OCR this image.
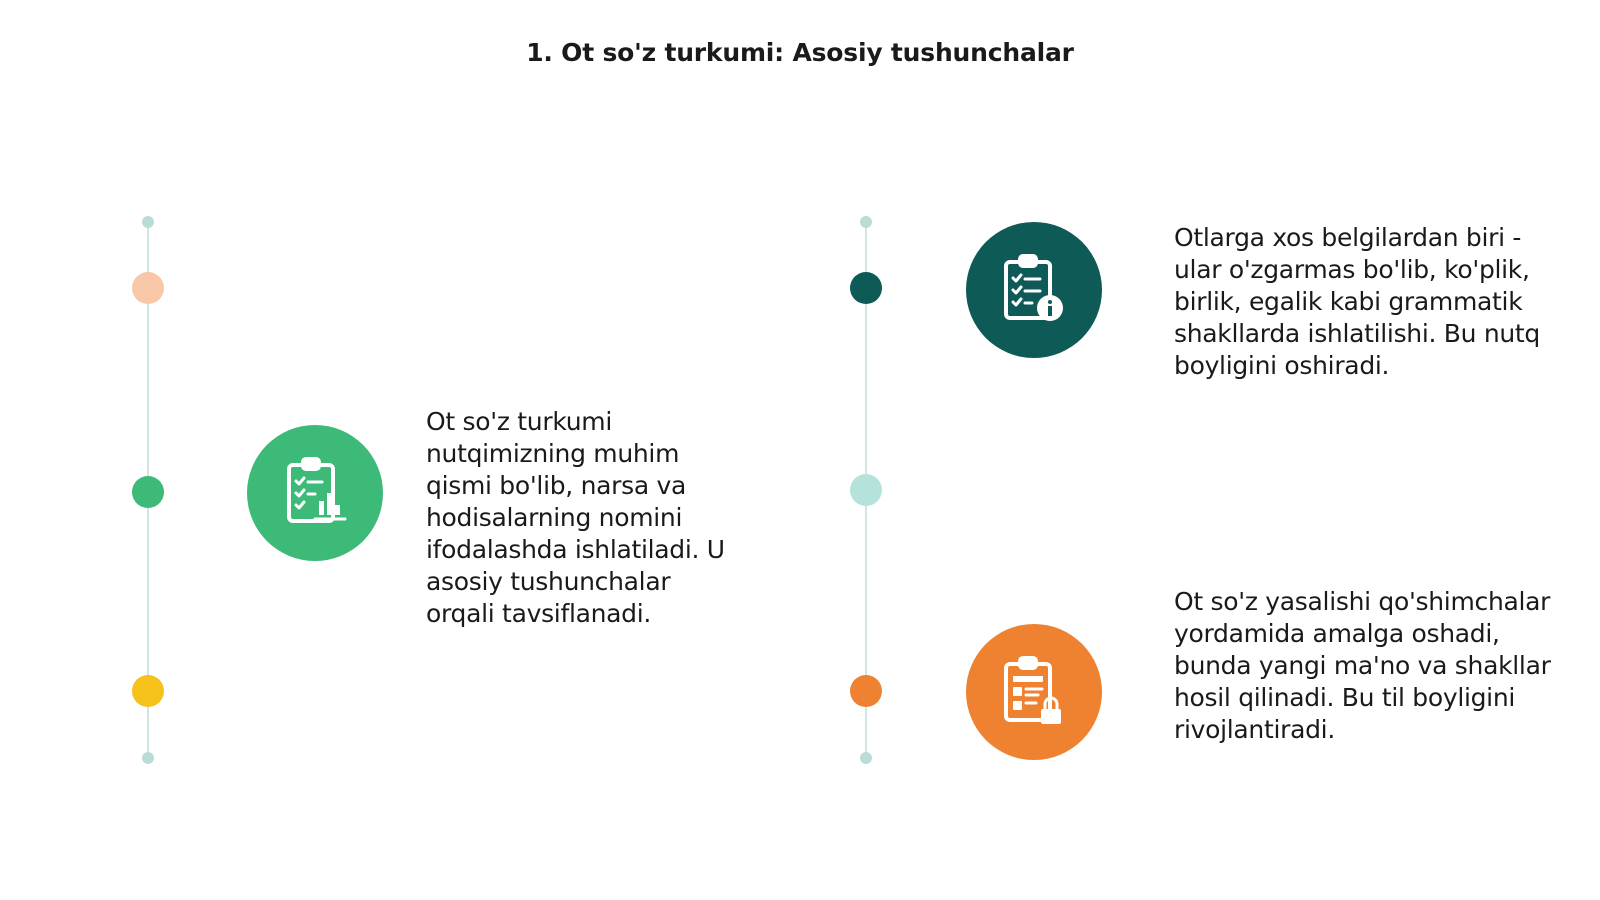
1. Ot so'z turkumi: Asosiy tushunchalar
Ot so'z turkumi nutqimizning muhim qismi bo'lib, narsa va hodisalarning nomini ifodalashda ishlatiladi. U asosiy tushunchalar orqali tavsiflanadi.
Otlarga xos belgilardan biri - ular o'zgarmas bo'lib, ko'plik, birlik, egalik kabi grammatik shakllarda ishlatilishi. Bu nutq boyligini oshiradi.
Ot so'z yasalishi qo'shimchalar yordamida amalga oshadi, bunda yangi ma'no va shakllar hosil qilinadi. Bu til boyligini rivojlantiradi.
